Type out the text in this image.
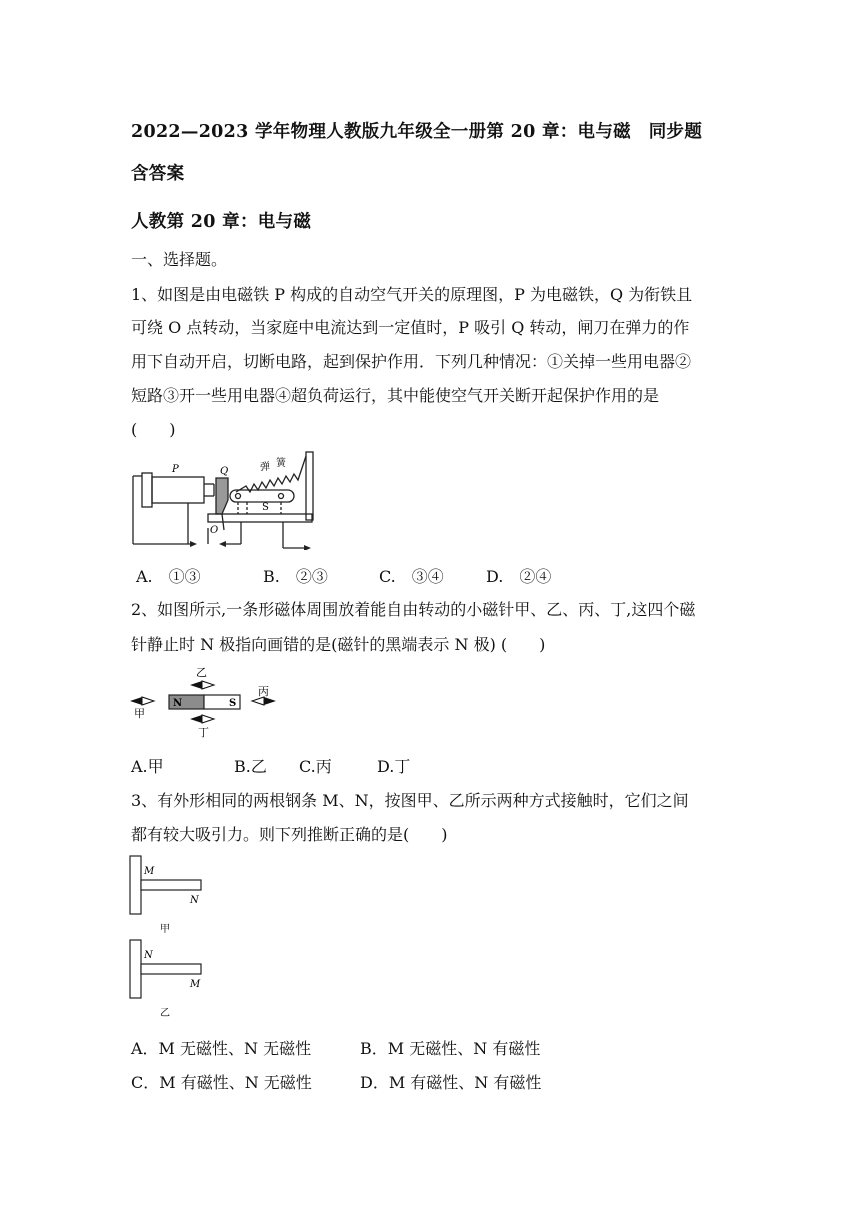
2022—2023 学年物理人教版九年级全一册第 20 章：电与磁　同步题
含答案
人教第 20 章：电与磁
一、选择题。
1、如图是由电磁铁 P 构成的自动空气开关的原理图，P 为电磁铁，Q 为衔铁且
可绕 O 点转动，当家庭中电流达到一定值时，P 吸引 Q 转动，闸刀在弹力的作
用下自动开启，切断电路，起到保护作用．下列几种情况：①关掉一些用电器②
短路③开一些用电器④超负荷运行，其中能使空气开关断开起保护作用的是
(　　)
P	Q
O
S
弹 簧
A.　①③	B.　②③	C.　③④	D.　②④
2、如图所示,一条形磁体周围放着能自由转动的小磁针甲、乙、丙、丁,这四个磁
针静止时 N 极指向画错的是(磁针的黑端表示 N 极) (　　)
N	S
甲
乙
丁
丙
A.甲	B.乙 C.丙	D.丁
3、有外形相同的两根钢条 M、N，按图甲、乙所示两种方式接触时，它们之间
都有较大吸引力。则下列推断正确的是(　　)
M
N
甲
N
M
乙
A．M 无磁性、N 无磁性	B．M 无磁性、N 有磁性
C．M 有磁性、N 无磁性	D．M 有磁性、N 有磁性
